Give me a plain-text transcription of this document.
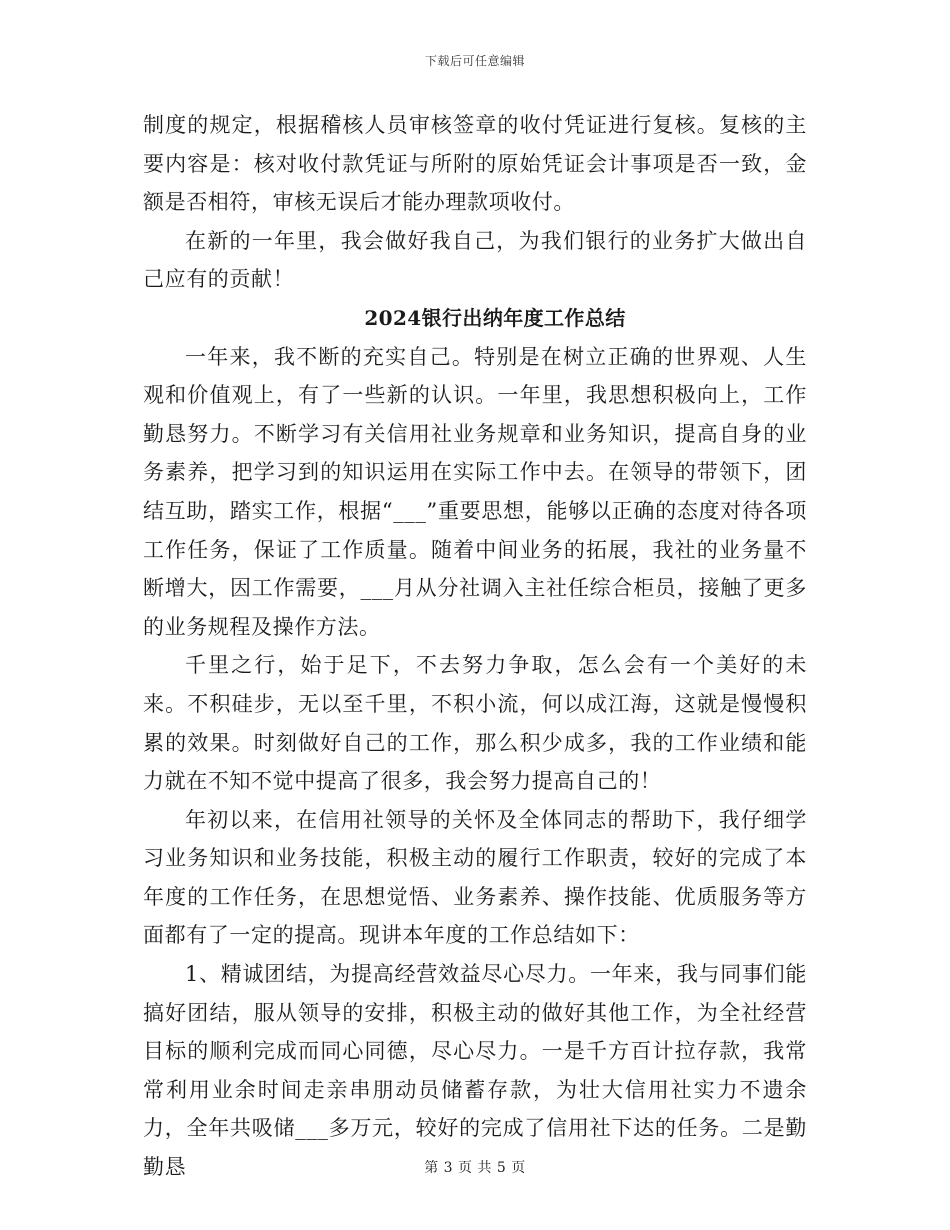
下载后可任意编辑

制度的规定，根据稽核人员审核签章的收付凭证进行复核。复核的主要内容是：核对收付款凭证与所附的原始凭证会计事项是否一致，金额是否相符，审核无误后才能办理款项收付。

在新的一年里，我会做好我自己，为我们银行的业务扩大做出自己应有的贡献！

2024银行出纳年度工作总结

一年来，我不断的充实自己。特别是在树立正确的世界观、人生观和价值观上，有了一些新的认识。一年里，我思想积极向上，工作勤恳努力。不断学习有关信用社业务规章和业务知识，提高自身的业务素养，把学习到的知识运用在实际工作中去。在领导的带领下，团结互助，踏实工作，根据“___”重要思想，能够以正确的态度对待各项工作任务，保证了工作质量。随着中间业务的拓展，我社的业务量不断增大，因工作需要，___月从分社调入主社任综合柜员，接触了更多的业务规程及操作方法。

千里之行，始于足下，不去努力争取，怎么会有一个美好的未来。不积硅步，无以至千里，不积小流，何以成江海，这就是慢慢积累的效果。时刻做好自己的工作，那么积少成多，我的工作业绩和能力就在不知不觉中提高了很多，我会努力提高自己的！

年初以来，在信用社领导的关怀及全体同志的帮助下，我仔细学习业务知识和业务技能，积极主动的履行工作职责，较好的完成了本年度的工作任务，在思想觉悟、业务素养、操作技能、优质服务等方面都有了一定的提高。现讲本年度的工作总结如下：

1、精诚团结，为提高经营效益尽心尽力。一年来，我与同事们能搞好团结，服从领导的安排，积极主动的做好其他工作，为全社经营目标的顺利完成而同心同德，尽心尽力。一是千方百计拉存款，我常常利用业余时间走亲串朋动员储蓄存款，为壮大信用社实力不遗余力，全年共吸储___多万元，较好的完成了信用社下达的任务。二是勤勤恳	第 3 页 共 5 页
